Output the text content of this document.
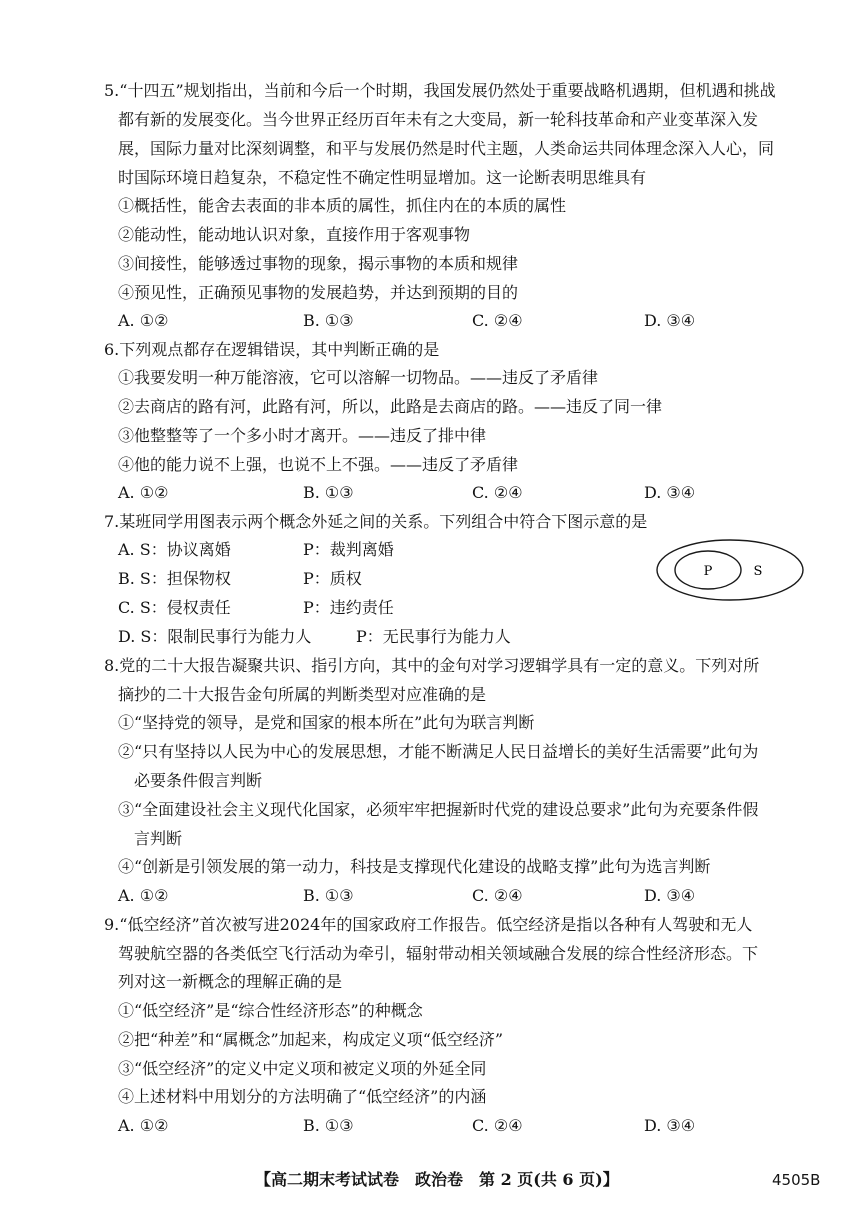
5.“十四五”规划指出，当前和今后一个时期，我国发展仍然处于重要战略机遇期，但机遇和挑战
都有新的发展变化。当今世界正经历百年未有之大变局，新一轮科技革命和产业变革深入发
展，国际力量对比深刻调整，和平与发展仍然是时代主题，人类命运共同体理念深入人心，同
时国际环境日趋复杂，不稳定性不确定性明显增加。这一论断表明思维具有
①概括性，能舍去表面的非本质的属性，抓住内在的本质的属性
②能动性，能动地认识对象，直接作用于客观事物
③间接性，能够透过事物的现象，揭示事物的本质和规律
④预见性，正确预见事物的发展趋势，并达到预期的目的
A. ①②	B. ①③	C. ②④	D. ③④
6.下列观点都存在逻辑错误，其中判断正确的是
①我要发明一种万能溶液，它可以溶解一切物品。——违反了矛盾律
②去商店的路有河，此路有河，所以，此路是去商店的路。——违反了同一律
③他整整等了一个多小时才离开。——违反了排中律
④他的能力说不上强，也说不上不强。——违反了矛盾律
A. ①②	B. ①③	C. ②④	D. ③④
7.某班同学用图表示两个概念外延之间的关系。下列组合中符合下图示意的是
A. S：协议离婚	P：裁判离婚
B. S：担保物权	P：质权
C. S：侵权责任	P：违约责任
D. S：限制民事行为能力人	P：无民事行为能力人
P	S
8.党的二十大报告凝聚共识、指引方向，其中的金句对学习逻辑学具有一定的意义。下列对所
摘抄的二十大报告金句所属的判断类型对应准确的是
①“坚持党的领导，是党和国家的根本所在”此句为联言判断
②“只有坚持以人民为中心的发展思想，才能不断满足人民日益增长的美好生活需要”此句为
必要条件假言判断
③“全面建设社会主义现代化国家，必须牢牢把握新时代党的建设总要求”此句为充要条件假
言判断
④“创新是引领发展的第一动力，科技是支撑现代化建设的战略支撑”此句为选言判断
A. ①②	B. ①③	C. ②④	D. ③④
9.“低空经济”首次被写进2024年的国家政府工作报告。低空经济是指以各种有人驾驶和无人
驾驶航空器的各类低空飞行活动为牵引，辐射带动相关领域融合发展的综合性经济形态。下
列对这一新概念的理解正确的是
①“低空经济”是“综合性经济形态”的种概念
②把“种差”和“属概念”加起来，构成定义项“低空经济”
③“低空经济”的定义中定义项和被定义项的外延全同
④上述材料中用划分的方法明确了“低空经济”的内涵
A. ①②	B. ①③	C. ②④	D. ③④
【高二期末考试试卷　政治卷　第 2 页(共 6 页)】	4505B
